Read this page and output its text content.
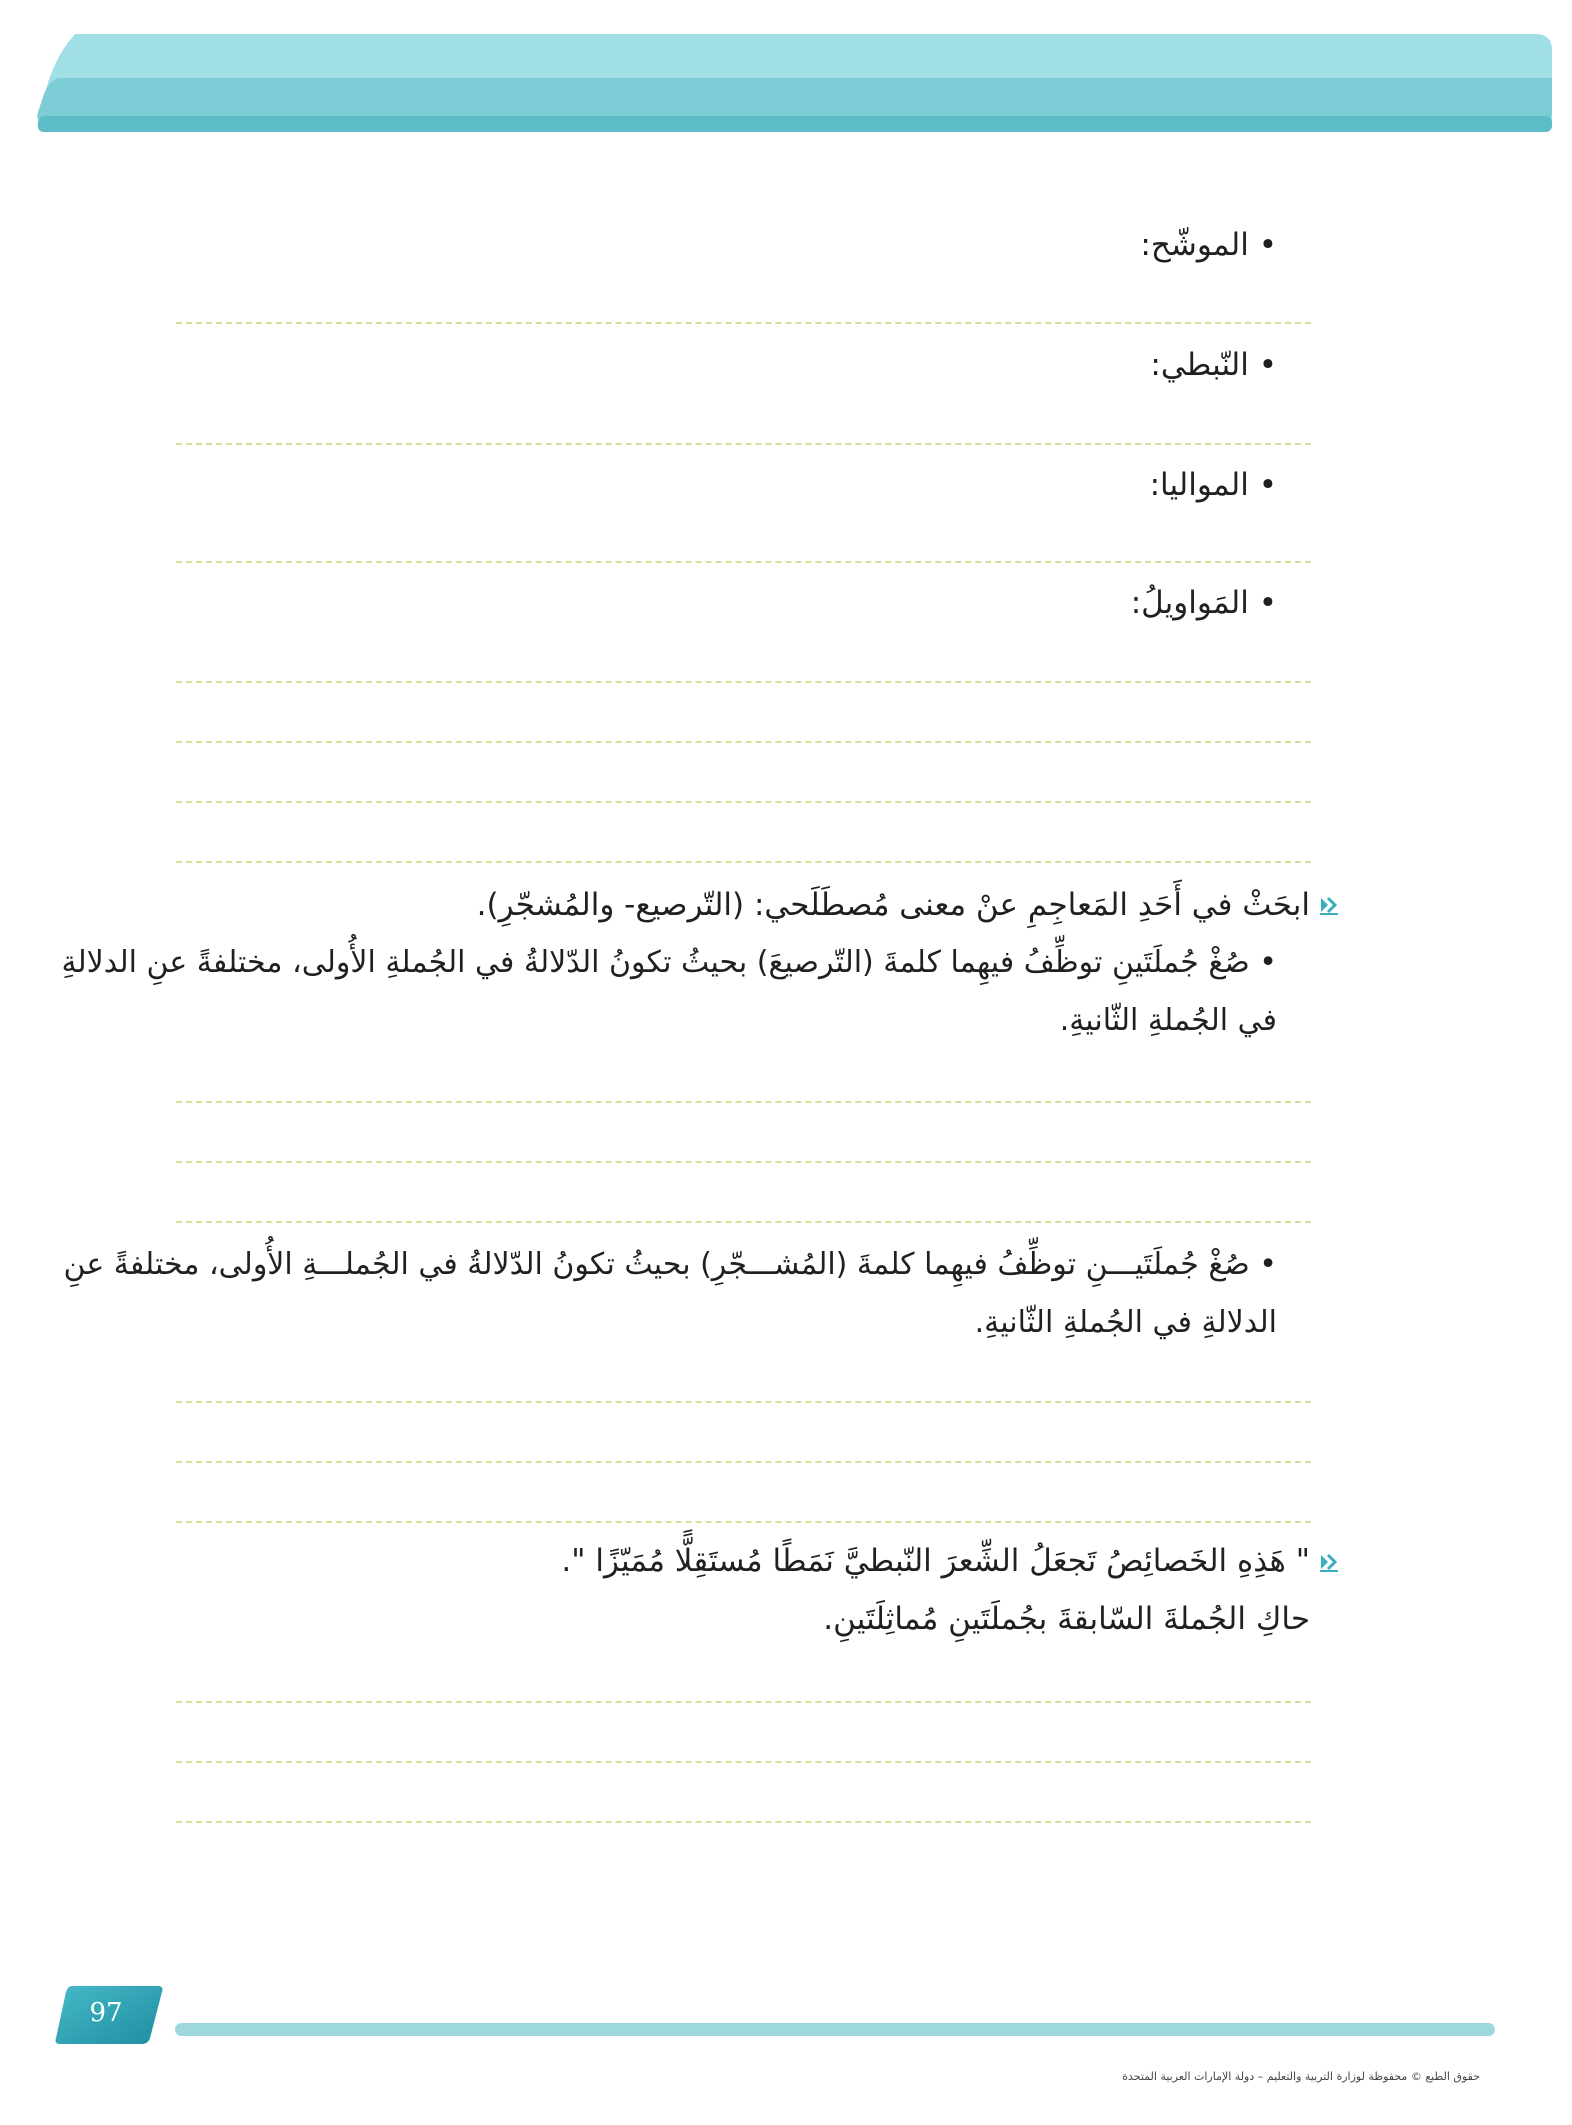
• الموشّح:
• النّبطي:
• المواليا:
• المَواويلُ:
ابحَثْ في أَحَدِ المَعاجِمِ عنْ معنى مُصطَلَحي: (التّرصيع- والمُشجّرِ).
• صُغْ جُملَتَينِ توظِّفُ فيهِما كلمةَ (التّرصيعَ) بحيثُ تكونُ الدّلالةُ في الجُملةِ الأُولى، مختلفةً عنِ الدلالةِ
في الجُملةِ الثّانيةِ.
• صُغْ جُملَتَيـــنِ توظِّفُ فيهِما كلمةَ (المُشـــجّرِ) بحيثُ تكونُ الدّلالةُ في الجُملـــةِ الأُولى، مختلفةً عنِ
الدلالةِ في الجُملةِ الثّانيةِ.
" هَذِهِ الخَصائِصُ تَجعَلُ الشِّعرَ النّبطيَّ نَمَطًا مُستَقِلًّا مُمَيّزًا ".
حاكِ الجُملةَ السّابقةَ بجُملَتَينِ مُماثِلَتَينِ.
97
حقوق الطبع © محفوظة لوزارة التربية والتعليم – دولة الإمارات العربية المتحدة
